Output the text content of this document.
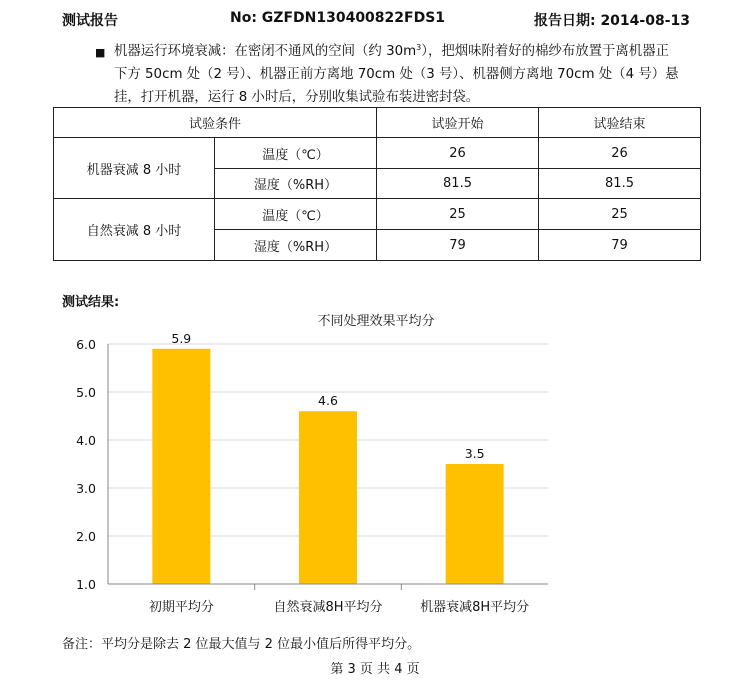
测试报告	No: GZFDN130400822FDS1	报告日期: 2014-08-13
■ 机器运行环境衰减：在密闭不通风的空间（约 $30m^3$），把烟味附着好的棉纱布放置于离机器正
下方 50cm 处（2 号）、机器正前方离地 70cm 处（3 号）、机器侧方离地 70cm 处（4 号）悬
挂，打开机器，运行 8 小时后，分别收集试验布装进密封袋。
试验条件		试验开始	试验结束
机器衰减 8 小时	温度（℃）	26	26
	湿度（%RH）	81.5	81.5
自然衰减 8 小时	温度（℃）	25	25
	湿度（%RH）	79	79
测试结果:
不同处理效果平均分
5.9
4.6
3.5
1.0
2.0
3.0
4.0
5.0
6.0
初期平均分	自然衰减8H平均分	机器衰减8H平均分
备注：平均分是除去 2 位最大值与 2 位最小值后所得平均分。
第 3 页 共 4 页
